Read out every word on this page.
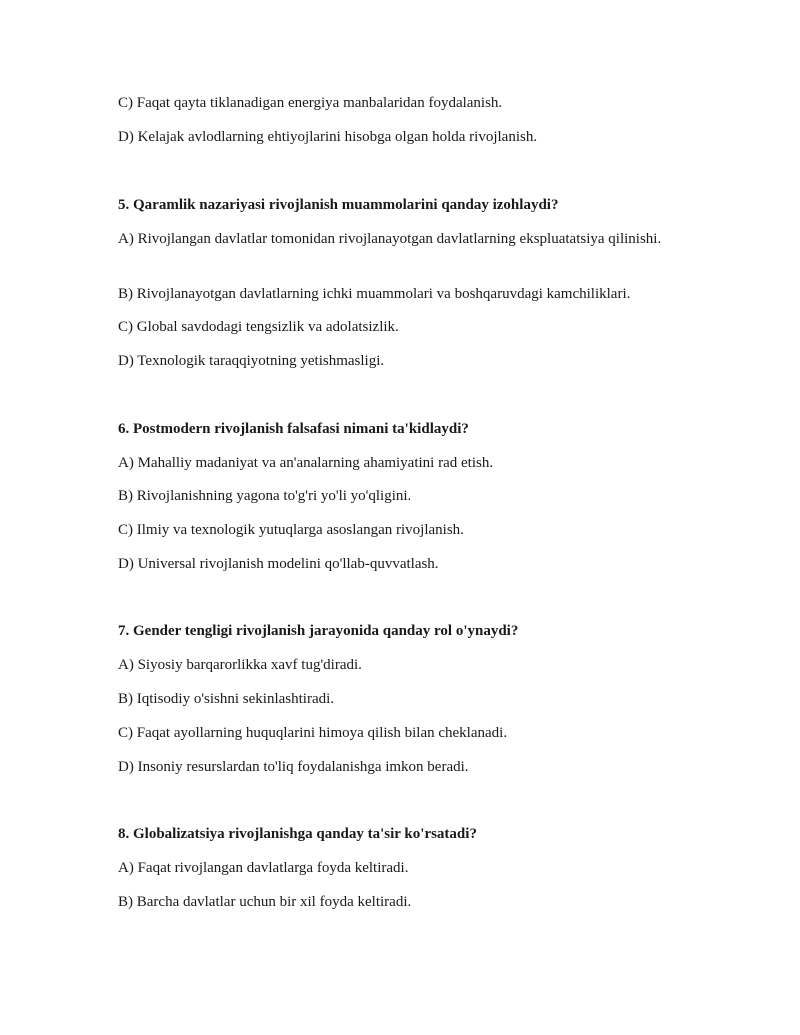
C) Faqat qayta tiklanadigan energiya manbalaridan foydalanish.

D) Kelajak avlodlarning ehtiyojlarini hisobga olgan holda rivojlanish.

5. Qaramlik nazariyasi rivojlanish muammolarini qanday izohlaydi?

A) Rivojlangan davlatlar tomonidan rivojlanayotgan davlatlarning ekspluatatsiya qilinishi.

B) Rivojlanayotgan davlatlarning ichki muammolari va boshqaruvdagi kamchiliklari.

C) Global savdodagi tengsizlik va adolatsizlik.

D) Texnologik taraqqiyotning yetishmasligi.

6. Postmodern rivojlanish falsafasi nimani ta'kidlaydi?

A) Mahalliy madaniyat va an'analarning ahamiyatini rad etish.

B) Rivojlanishning yagona to'g'ri yo'li yo'qligini.

C) Ilmiy va texnologik yutuqlarga asoslangan rivojlanish.

D) Universal rivojlanish modelini qo'llab-quvvatlash.

7. Gender tengligi rivojlanish jarayonida qanday rol o'ynaydi?

A) Siyosiy barqarorlikka xavf tug'diradi.

B) Iqtisodiy o'sishni sekinlashtiradi.

C) Faqat ayollarning huquqlarini himoya qilish bilan cheklanadi.

D) Insoniy resurslardan to'liq foydalanishga imkon beradi.

8. Globalizatsiya rivojlanishga qanday ta'sir ko'rsatadi?

A) Faqat rivojlangan davlatlarga foyda keltiradi.

B) Barcha davlatlar uchun bir xil foyda keltiradi.
